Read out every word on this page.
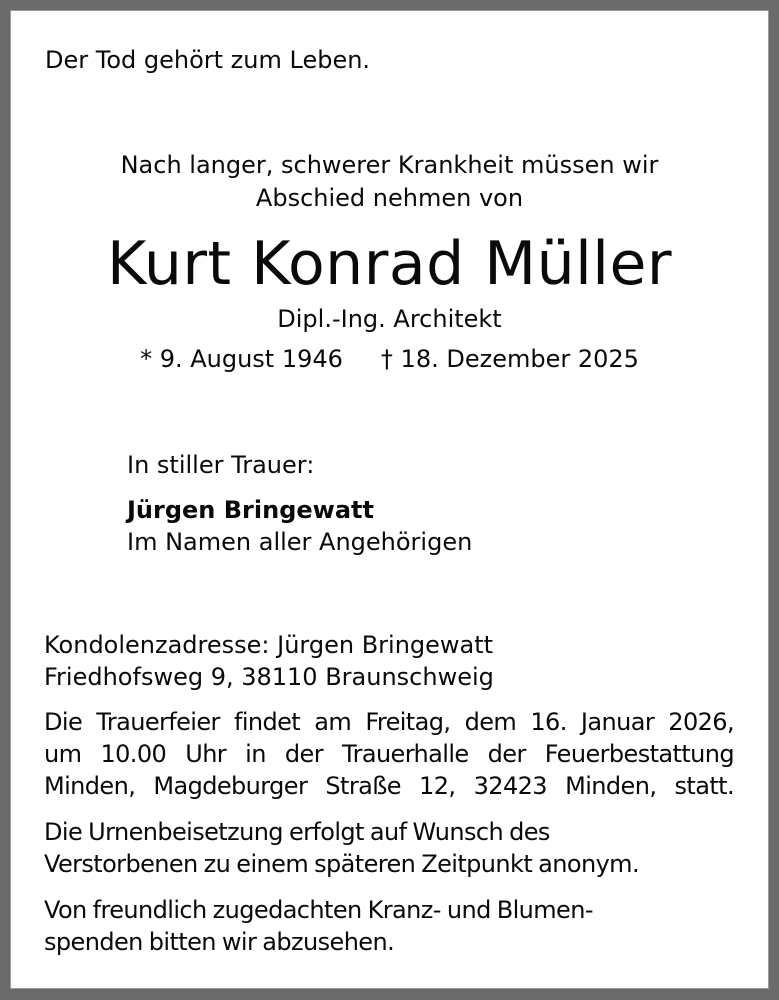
Der Tod gehört zum Leben.
Nach langer, schwerer Krankheit müssen wir
Abschied nehmen von
Kurt Konrad Müller
Dipl.-Ing. Architekt
* 9. August 1946 † 18. Dezember 2025
In stiller Trauer:
Jürgen Bringewatt
Im Namen aller Angehörigen
Kondolenzadresse: Jürgen Bringewatt
Friedhofsweg 9, 38110 Braunschweig
Die Trauerfeier findet am Freitag, dem 16. Januar 2026,
um 10.00 Uhr in der Trauerhalle der Feuerbestattung
Minden, Magdeburger Straße 12, 32423 Minden, statt.
Die Urnenbeisetzung erfolgt auf Wunsch des
Verstorbenen zu einem späteren Zeitpunkt anonym.
Von freundlich zugedachten Kranz- und Blumen-
spenden bitten wir abzusehen.
